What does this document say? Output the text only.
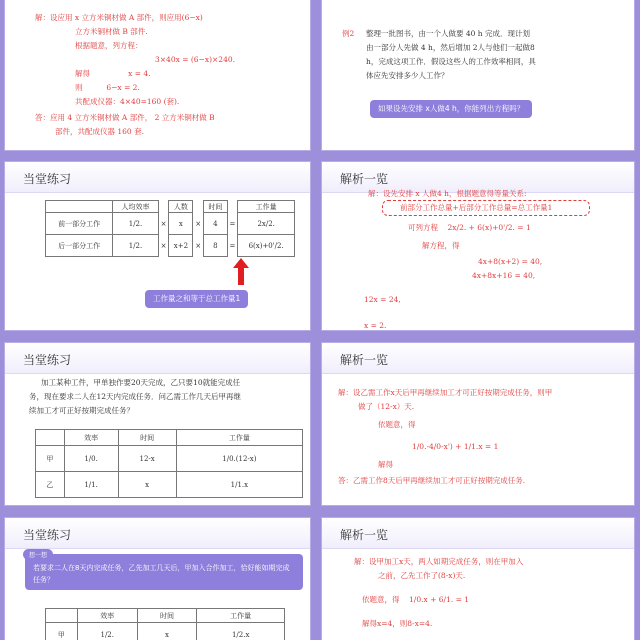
解：设应用 x 立方米铜材做 A 部件，则应用(6−x)
立方米铜材做 B 部件.
根据题意，列方程：
3×40x = (6−x)×240.
解得                x = 4.
则          6−x = 2.
共配成仪器：4×40=160 (套).
答：应用 4 立方米铜材做 A 部件， 2 立方米铜材做 B
部件，共配成仪器 160 套.
例2 整理一批图书，由一个人做要 40 h 完成．现计划
由一部分人先做 4 h，然后增加 2人与他们一起做8
h，完成这项工作．假设这些人的工作效率相同，具
体应先安排多少人工作？
如果设先安排 x人做4 h，你能列出方程吗？
当堂练习
	人均效率		人数		时间		工作量
前一部分工作	1/2.	×	x	×	4	=	2x/2.
后一部分工作	1/2.	×	x+2	×	8	=	6(x)+0'/2.
工作量之和等于总工作量1
解析一览
解：设先安排 x 人做4 h，根据题意得等量关系:
前部分工作总量+后部分工作总量=总工作量1
可列方程    2x/2. + 6(x)+0'/2. = 1
解方程，得
4x+8(x+2) = 40,
4x+8x+16 = 40,
12x = 24,
x = 2.
当堂练习
加工某种工件，甲单独作要20天完成，乙只要10就能完成任
务，现在要求二人在12天内完成任务．问乙需工作几天后甲再继
续加工才可正好按期完成任务？
	效率	时间	工作量
甲	1/0.	12-x	1/0.(12-x)
乙	1/1.	x	1/1.x
解析一览
解：设乙需工作x天后甲再继续加工才可正好按期完成任务，则甲
做了（12-x）天.
依题意，得
1/0.-4/0-x') + 1/1.x = 1
解得
答：乙需工作8天后甲再继续加工才可正好按期完成任务.
当堂练习
若要求二人在8天内完成任务，乙先加工几天后，甲加入合作加工，恰好能如期完成任务？
想一想
	效率	时间	工作量
甲	1/2.	x	1/2.x
解析一览
解：设甲加工x天，两人如期完成任务，则在甲加入
之前，乙先工作了(8-x)天.
依题意，得    1/0.x + 6/1. = 1
解得x=4，则8-x=4.
